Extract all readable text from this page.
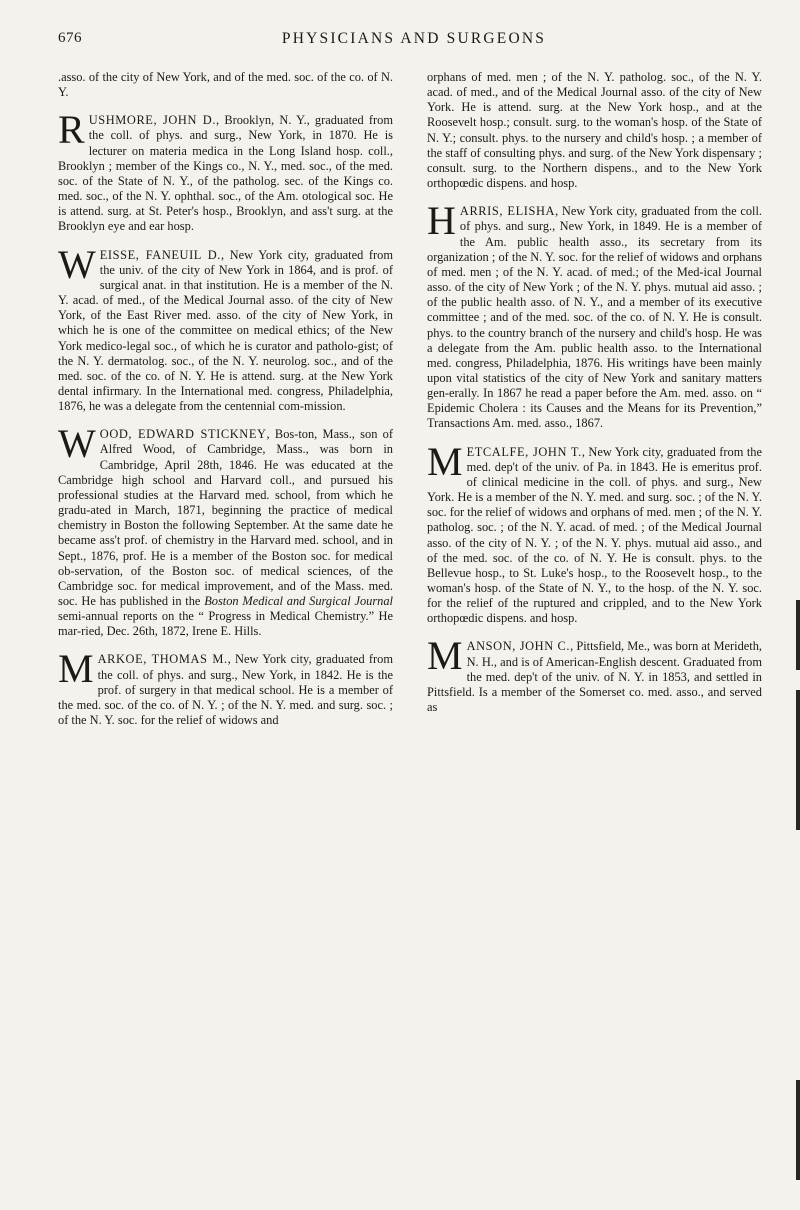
676	PHYSICIANS AND SURGEONS

.asso. of the city of New York, and of the med. soc. of the co. of N. Y.

RUSHMORE, JOHN D., Brooklyn, N. Y., graduated from the coll. of phys. and surg., New York, in 1870. He is lecturer on materia medica in the Long Island hosp. coll., Brooklyn ; member of the Kings co., N. Y., med. soc., of the med. soc. of the State of N. Y., of the patholog. sec. of the Kings co. med. soc., of the N. Y. ophthal. soc., of the Am. otological soc. He is attend. surg. at St. Peter's hosp., Brooklyn, and ass't surg. at the Brooklyn eye and ear hosp.
WEISSE, FANEUIL D., New York city, graduated from the univ. of the city of New York in 1864, and is prof. of surgical anat. in that institution. He is a member of the N. Y. acad. of med., of the Medical Journal asso. of the city of New York, of the East River med. asso. of the city of New York, in which he is one of the committee on medical ethics; of the New York medico-legal soc., of which he is curator and patholo-gist; of the N. Y. dermatolog. soc., of the N. Y. neurolog. soc., and of the med. soc. of the co. of N. Y. He is attend. surg. at the New York dental infirmary. In the International med. congress, Philadelphia, 1876, he was a delegate from the centennial com-mission.
WOOD, EDWARD STICKNEY, Bos-ton, Mass., son of Alfred Wood, of Cambridge, Mass., was born in Cambridge, April 28th, 1846. He was educated at the Cambridge high school and Harvard coll., and pursued his professional studies at the Harvard med. school, from which he gradu-ated in March, 1871, beginning the practice of medical chemistry in Boston the following September. At the same date he became ass't prof. of chemistry in the Harvard med. school, and in Sept., 1876, prof. He is a member of the Boston soc. for medical ob-servation, of the Boston soc. of medical sciences, of the Cambridge soc. for medical improvement, and of the Mass. med. soc. He has published in the Boston Medical and Surgical Journal semi-annual reports on the “ Progress in Medical Chemistry.” He mar-ried, Dec. 26th, 1872, Irene E. Hills.
MARKOE, THOMAS M., New York city, graduated from the coll. of phys. and surg., New York, in 1842. He is the prof. of surgery in that medical school. He is a member of the med. soc. of the co. of N. Y. ; of the N. Y. med. and surg. soc. ; of the N. Y. soc. for the relief of widows and

orphans of med. men ; of the N. Y. patholog. soc., of the N. Y. acad. of med., and of the Medical Journal asso. of the city of New York. He is attend. surg. at the New York hosp., and at the Roosevelt hosp.; consult. surg. to the woman's hosp. of the State of N. Y.; consult. phys. to the nursery and child's hosp. ; a member of the staff of consulting phys. and surg. of the New York dispensary ; consult. surg. to the Northern dispens., and to the New York orthopœdic dispens. and hosp.

HARRIS, ELISHA, New York city, graduated from the coll. of phys. and surg., New York, in 1849. He is a member of the Am. public health asso., its secretary from its organization ; of the N. Y. soc. for the relief of widows and orphans of med. men ; of the N. Y. acad. of med.; of the Med-ical Journal asso. of the city of New York ; of the N. Y. phys. mutual aid asso. ; of the public health asso. of N. Y., and a member of its executive committee ; and of the med. soc. of the co. of N. Y. He is consult. phys. to the country branch of the nursery and child's hosp. He was a delegate from the Am. public health asso. to the International med. congress, Philadelphia, 1876. His writings have been mainly upon vital statistics of the city of New York and sanitary matters gen-erally. In 1867 he read a paper before the Am. med. asso. on “ Epidemic Cholera : its Causes and the Means for its Prevention,” Transactions Am. med. asso., 1867.
METCALFE, JOHN T., New York city, graduated from the med. dep't of the univ. of Pa. in 1843. He is emeritus prof. of clinical medicine in the coll. of phys. and surg., New York. He is a member of the N. Y. med. and surg. soc. ; of the N. Y. soc. for the relief of widows and orphans of med. men ; of the N. Y. patholog. soc. ; of the N. Y. acad. of med. ; of the Medical Journal asso. of the city of N. Y. ; of the N. Y. phys. mutual aid asso., and of the med. soc. of the co. of N. Y. He is consult. phys. to the Bellevue hosp., to St. Luke's hosp., to the Roosevelt hosp., to the woman's hosp. of the State of N. Y., to the hosp. of the N. Y. soc. for the relief of the ruptured and crippled, and to the New York orthopœdic dispens. and hosp.
MANSON, JOHN C., Pittsfield, Me., was born at Merideth, N. H., and is of American-English descent. Graduated from the med. dep't of the univ. of N. Y. in 1853, and settled in Pittsfield. Is a member of the Somerset co. med. asso., and served as
